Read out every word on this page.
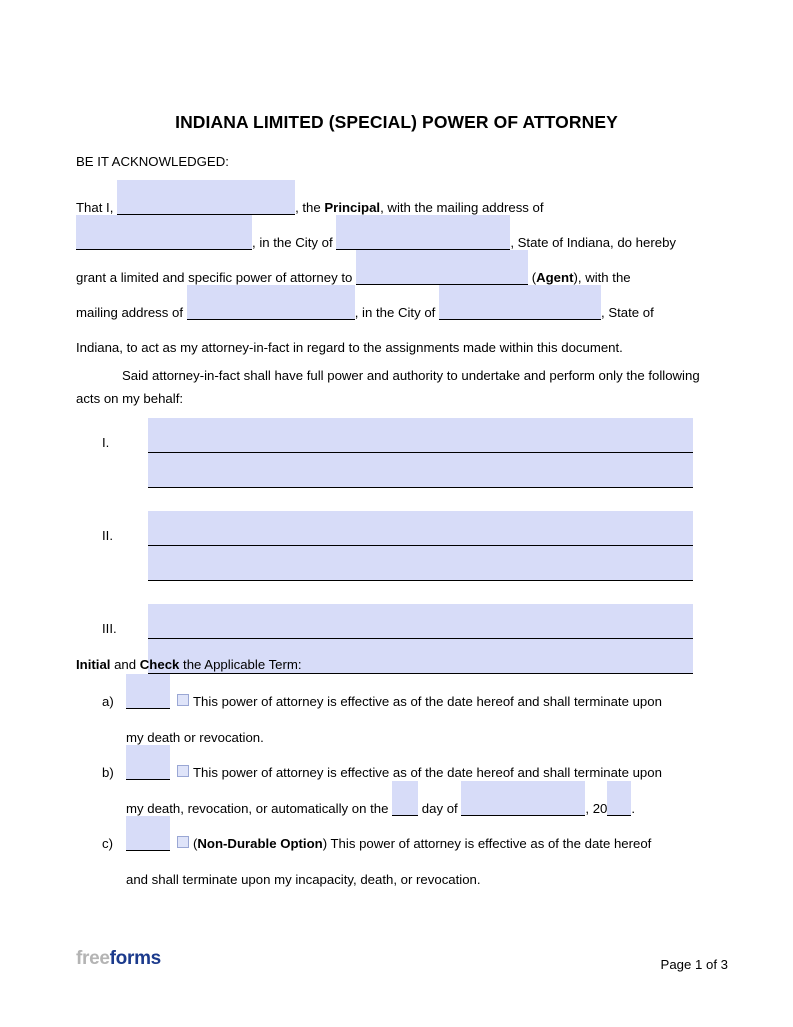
INDIANA LIMITED (SPECIAL) POWER OF ATTORNEY
BE IT ACKNOWLEDGED:
That I,	, the Principal, with the mailing address of
, in the City of	, State of Indiana, do hereby
grant a limited and specific power of attorney to	(Agent), with the
mailing address of	, in the City of	, State of
Indiana, to act as my attorney-in-fact in regard to the assignments made within this document.
Said attorney-in-fact shall have full power and authority to undertake and perform only the following acts on my behalf:
I.
II.
III.
Initial and Check the Applicable Term:
a)	This power of attorney is effective as of the date hereof and shall terminate upon
my death or revocation.
b)	This power of attorney is effective as of the date hereof and shall terminate upon
my death, revocation, or automatically on the	day of	, 20 .
c)	(Non-Durable Option) This power of attorney is effective as of the date hereof
and shall terminate upon my incapacity, death, or revocation.
freeforms	Page 1 of 3
